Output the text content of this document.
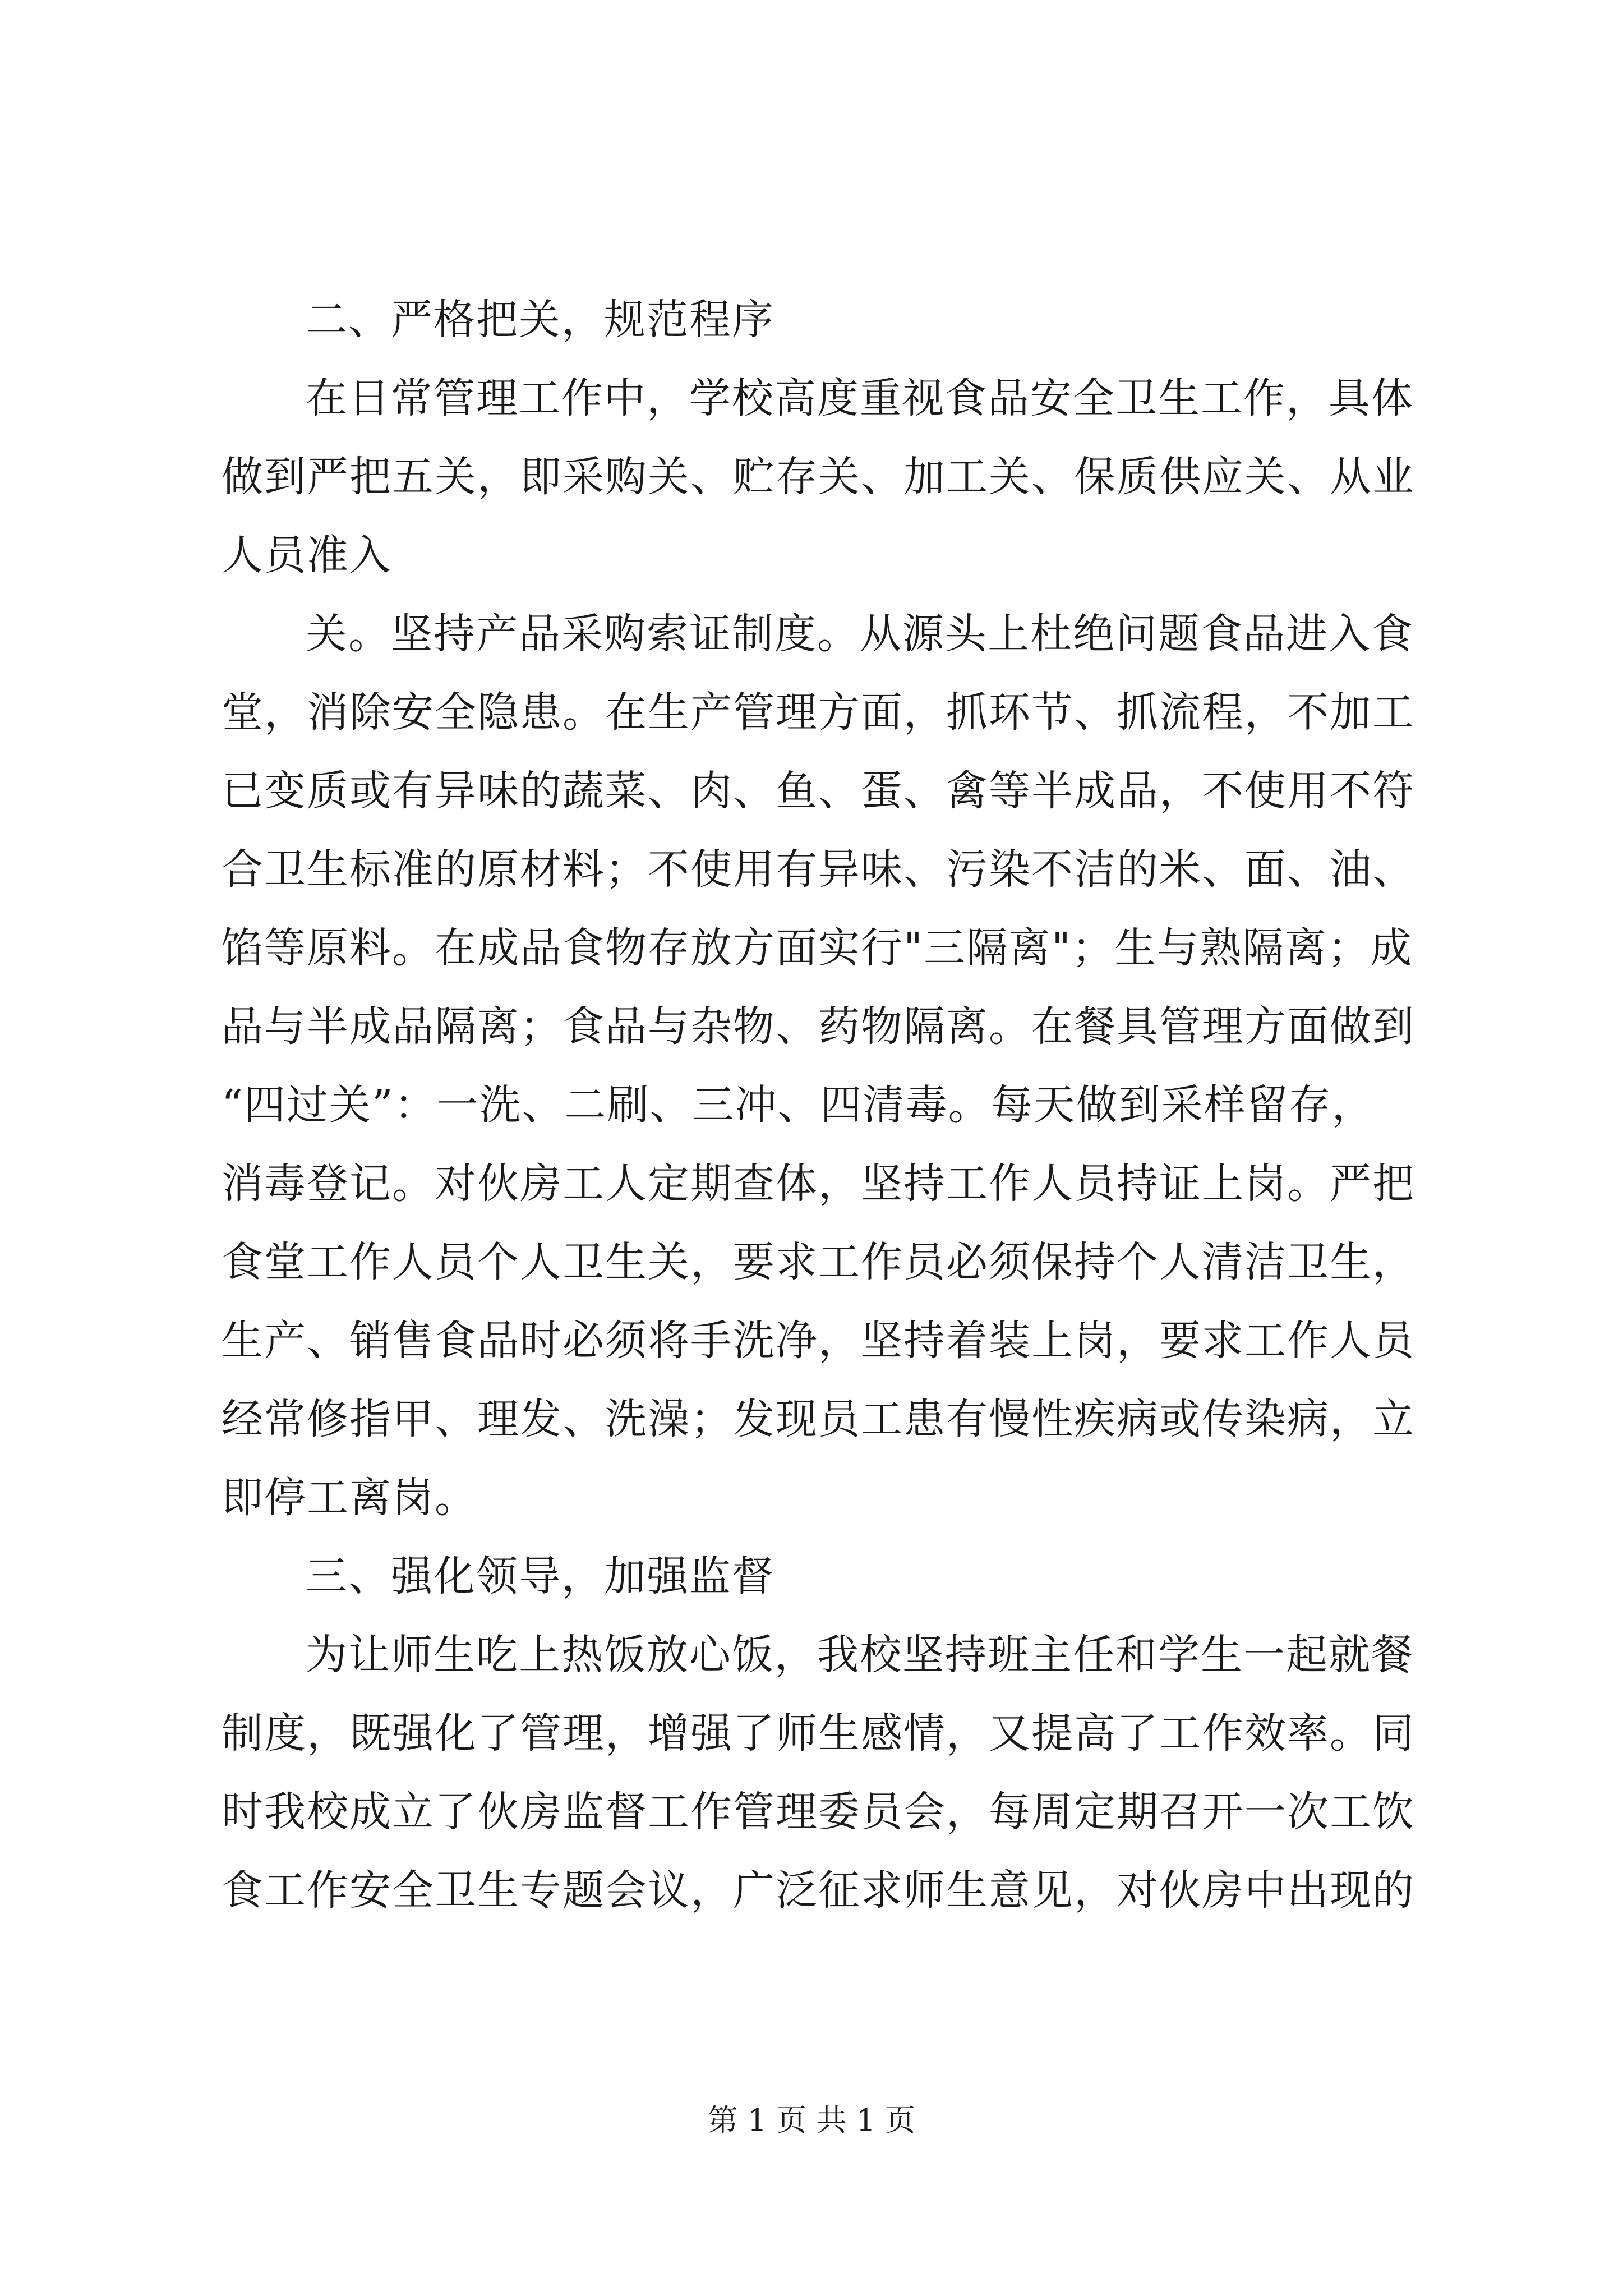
二、严格把关，规范程序
在日常管理工作中，学校高度重视食品安全卫生工作，具体
做到严把五关，即采购关、贮存关、加工关、保质供应关、从业
人员准入
关。坚持产品采购索证制度。从源头上杜绝问题食品进入食
堂，消除安全隐患。在生产管理方面，抓环节、抓流程，不加工
已变质或有异味的蔬菜、肉、鱼、蛋、禽等半成品，不使用不符
合卫生标准的原材料；不使用有异味、污染不洁的米、面、油、
馅等原料。在成品食物存放方面实行"三隔离"；生与熟隔离；成
品与半成品隔离；食品与杂物、药物隔离。在餐具管理方面做到
“四过关”：一洗、二刷、三冲、四清毒。每天做到采样留存，
消毒登记。对伙房工人定期查体，坚持工作人员持证上岗。严把
食堂工作人员个人卫生关，要求工作员必须保持个人清洁卫生，
生产、销售食品时必须将手洗净，坚持着装上岗，要求工作人员
经常修指甲、理发、洗澡；发现员工患有慢性疾病或传染病，立
即停工离岗。
三、强化领导，加强监督
为让师生吃上热饭放心饭，我校坚持班主任和学生一起就餐
制度，既强化了管理，增强了师生感情，又提高了工作效率。同
时我校成立了伙房监督工作管理委员会，每周定期召开一次工饮
食工作安全卫生专题会议，广泛征求师生意见，对伙房中出现的
第 1 页 共 1 页
